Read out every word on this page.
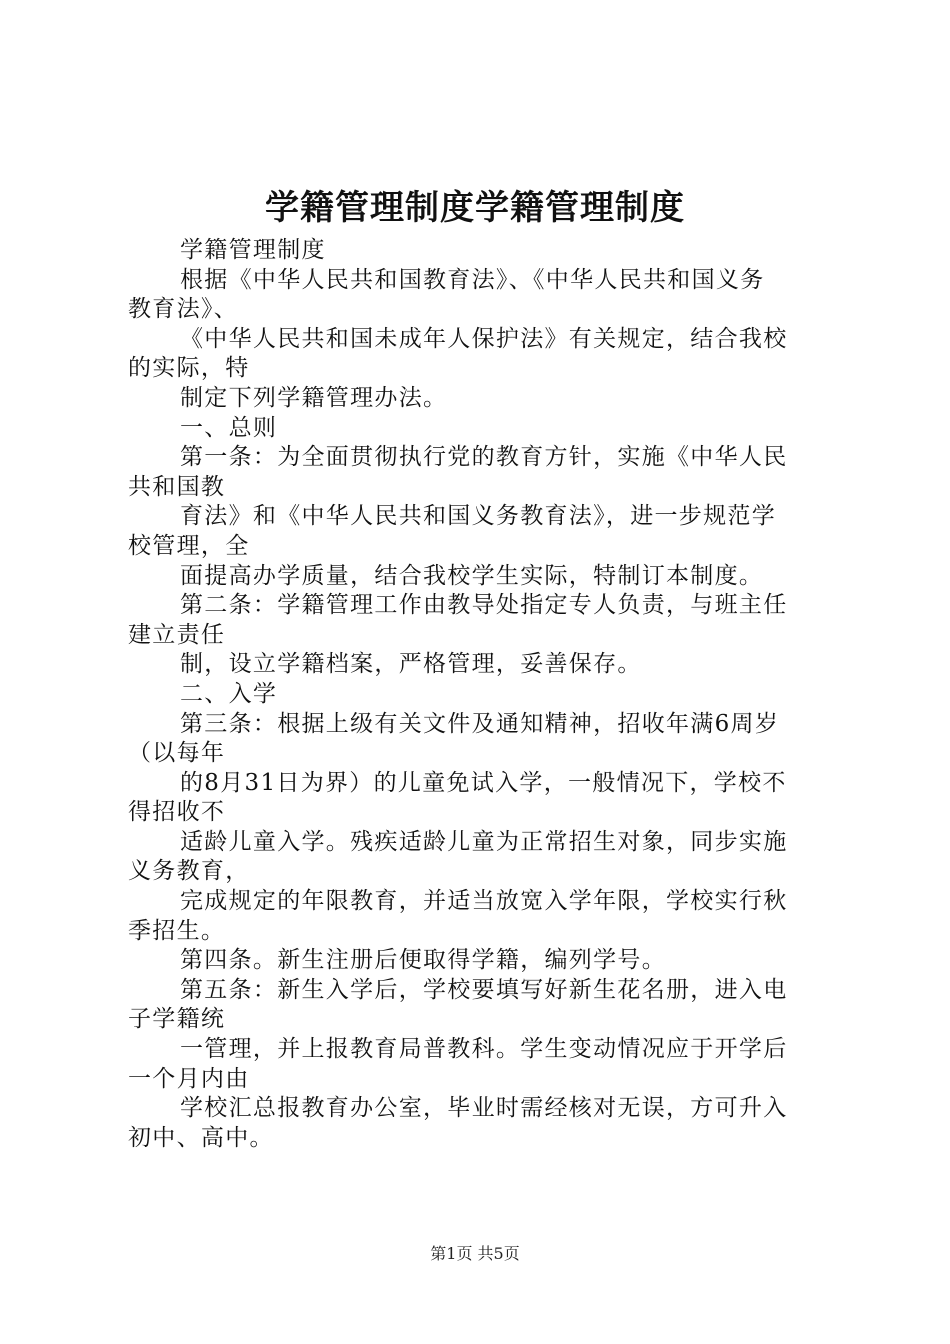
学籍管理制度学籍管理制度

学籍管理制度

根据《中华人民共和国教育法》、《中华人民共和国义务

教育法》、

《中华人民共和国未成年人保护法》有关规定，结合我校

的实际，特

制定下列学籍管理办法。

一、总则

第一条：为全面贯彻执行党的教育方针，实施《中华人民

共和国教

育法》和《中华人民共和国义务教育法》，进一步规范学

校管理，全

面提高办学质量，结合我校学生实际，特制订本制度。

第二条：学籍管理工作由教导处指定专人负责，与班主任

建立责任

制，设立学籍档案，严格管理，妥善保存。

二、入学

第三条：根据上级有关文件及通知精神，招收年满6周岁

（以每年

的8月31日为界）的儿童免试入学，一般情况下，学校不

得招收不

适龄儿童入学。残疾适龄儿童为正常招生对象，同步实施

义务教育，

完成规定的年限教育，并适当放宽入学年限，学校实行秋

季招生。

第四条。新生注册后便取得学籍，编列学号。

第五条：新生入学后，学校要填写好新生花名册，进入电

子学籍统

一管理，并上报教育局普教科。学生变动情况应于开学后

一个月内由

学校汇总报教育办公室，毕业时需经核对无误，方可升入

初中、高中。

第1页 共5页
